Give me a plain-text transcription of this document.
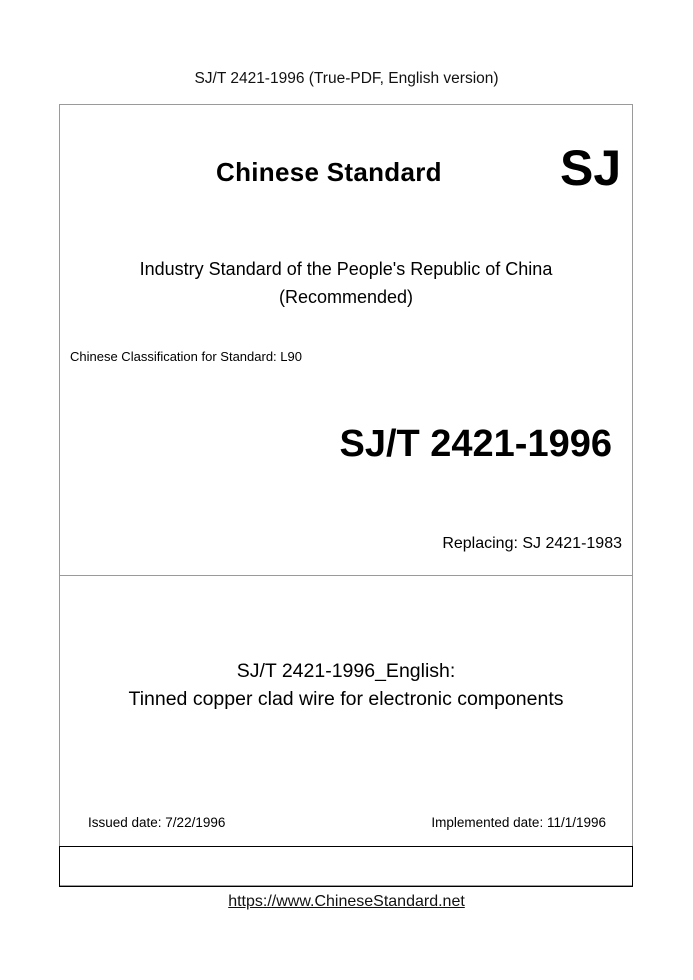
SJ/T 2421-1996 (True-PDF, English version)
Chinese Standard SJ
Industry Standard of the People's Republic of China
(Recommended)
Chinese Classification for Standard: L90
SJ/T 2421-1996
Replacing: SJ 2421-1983
SJ/T 2421-1996_English:
Tinned copper clad wire for electronic components
Issued date: 7/22/1996	Implemented date: 11/1/1996
https://www.ChineseStandard.net
